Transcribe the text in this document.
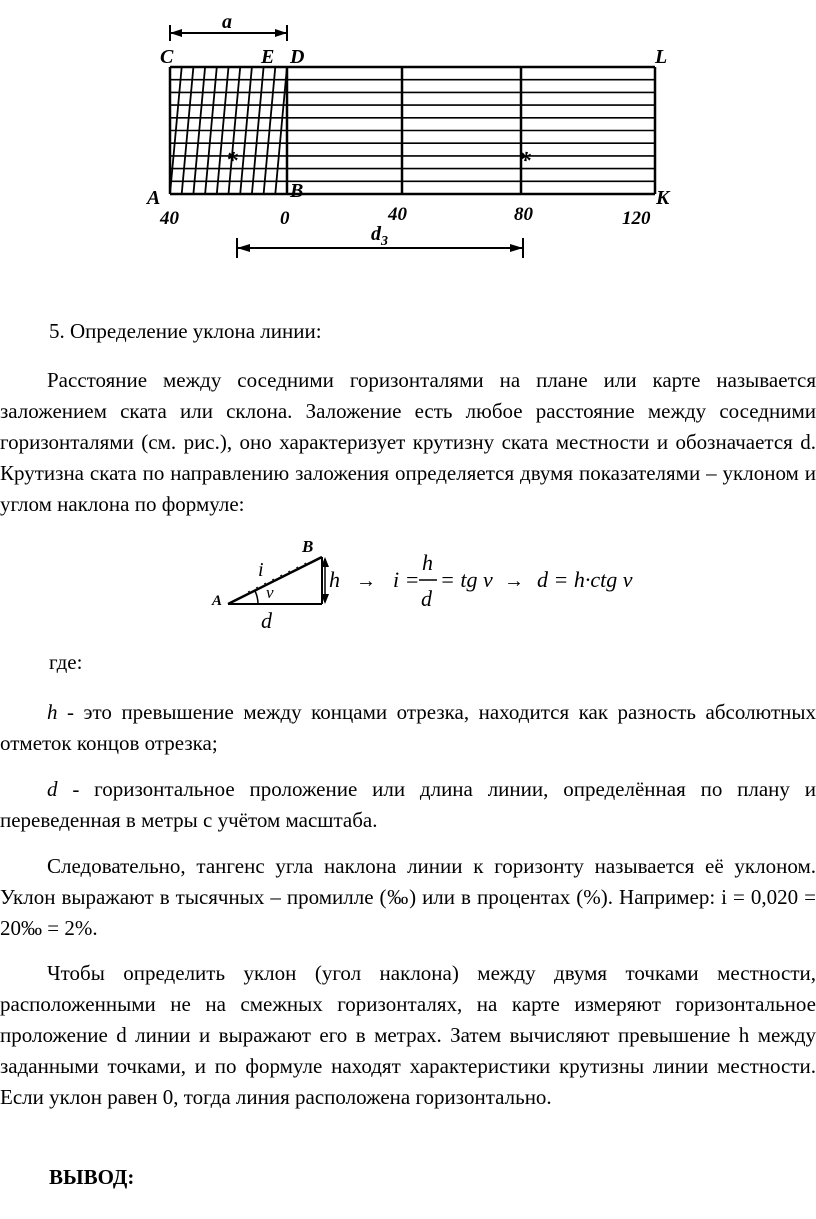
a
C	E D	L
A	B	K
40	0	40	80	120
$d_3$
*	*
5. Определение уклона линии:
Расстояние между соседними горизонталями на плане или карте называется заложением ската или склона. Заложение есть любое расстояние между соседними горизонталями (см. рис.), оно характеризует крутизну ската местности и обозначается d. Крутизна ската по направлению заложения определяется двумя показателями – уклоном и углом наклона по формуле:
B
A
i
ν
d
h → i =
h
d
= tg ν → d = h·ctg ν
где:
h - это превышение между концами отрезка, находится как разность абсолютных отметок концов отрезка;
d - горизонтальное проложение или длина линии, определённая по плану и переведенная в метры с учётом масштаба.
Следовательно, тангенс угла наклона линии к горизонту называется её уклоном. Уклон выражают в тысячных – промилле (‰) или в процентах (%). Например: i = 0,020 = 20‰ = 2%.
Чтобы определить уклон (угол наклона) между двумя точками местности, расположенными не на смежных горизонталях, на карте измеряют горизонтальное проложение d линии и выражают его в метрах. Затем вычисляют превышение h между заданными точками, и по формуле находят характеристики крутизны линии местности. Если уклон равен 0, тогда линия расположена горизонтально.
ВЫВОД:
